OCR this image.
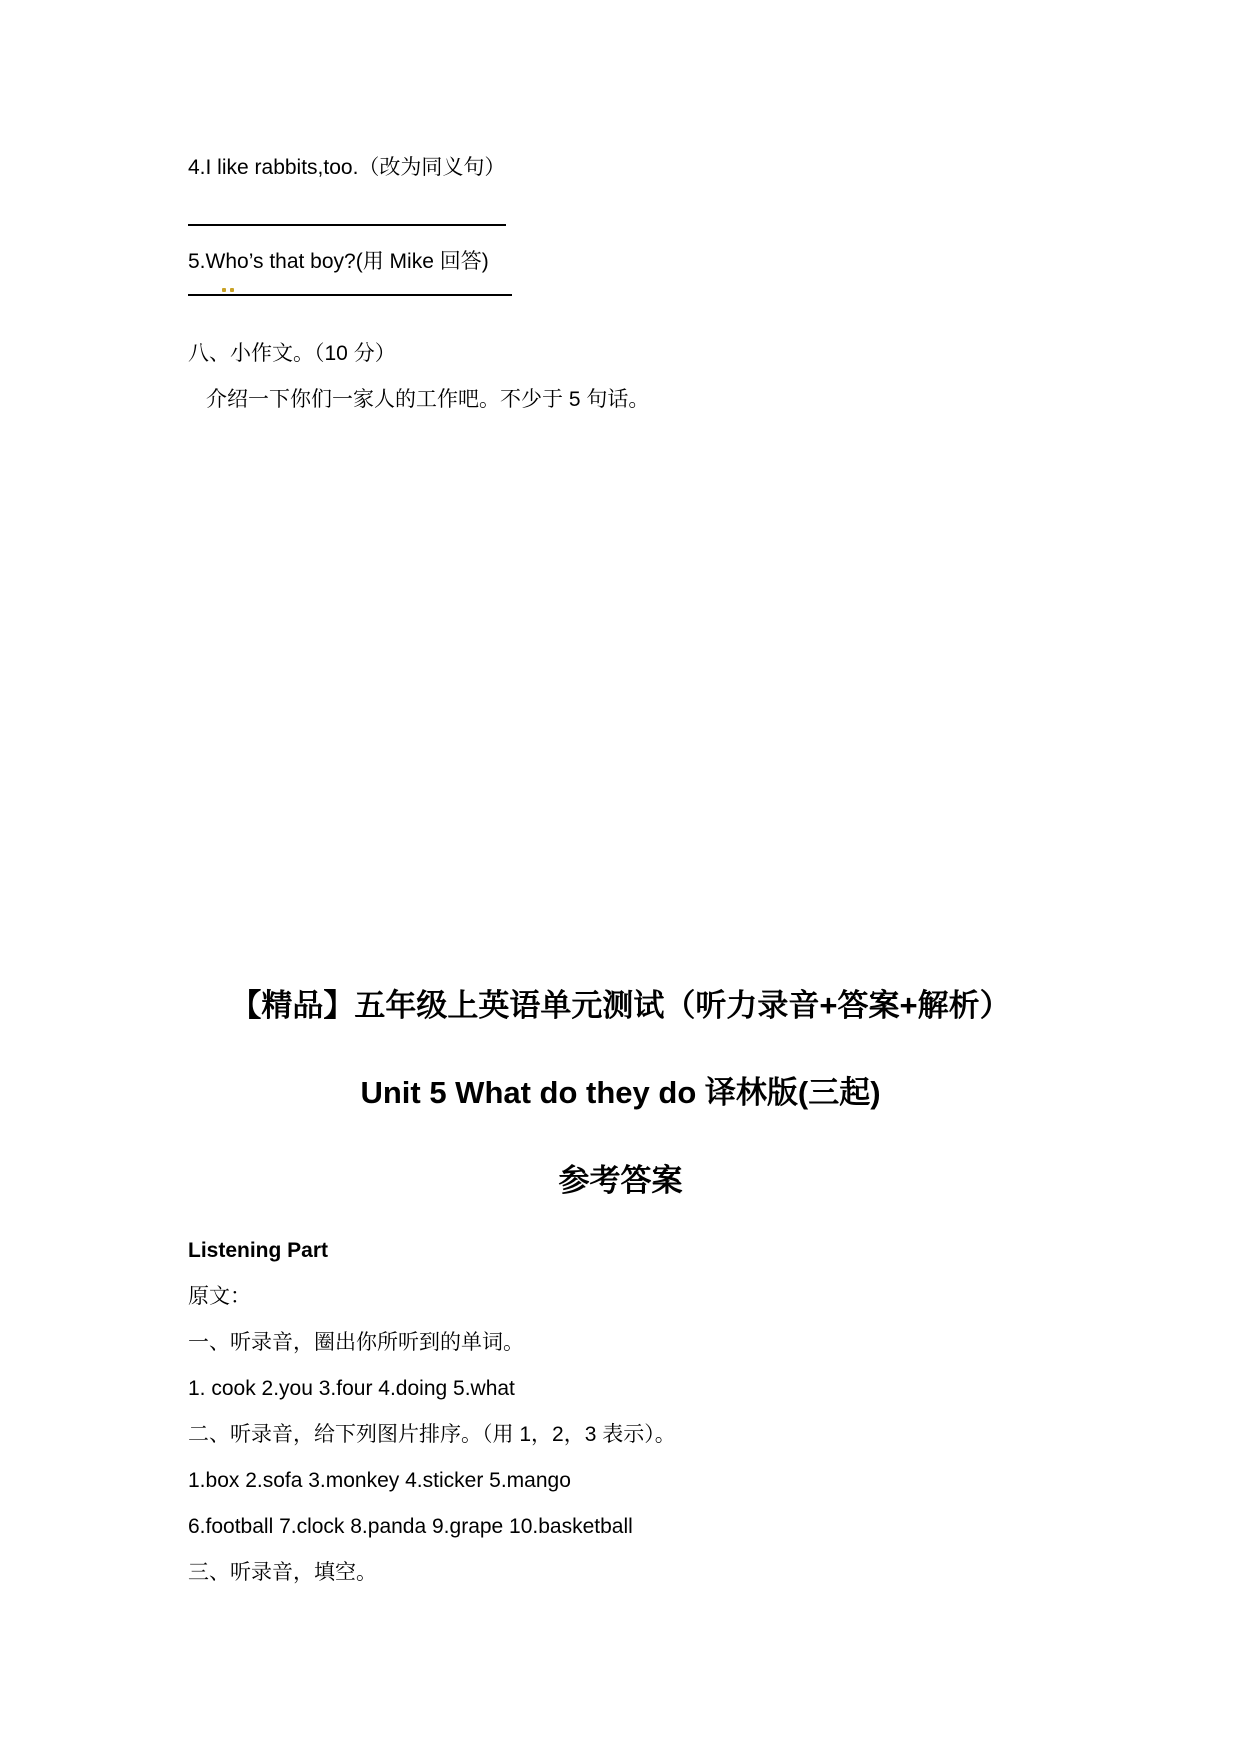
4.I like rabbits,too.（改为同义句）
5.Who’s that boy?(用 Mike 回答)
八、小作文。（10 分）
介绍一下你们一家人的工作吧。不少于 5 句话。
【精品】五年级上英语单元测试（听力录音+答案+解析）
Unit 5 What do they do 译林版(三起)
参考答案
Listening Part
原文：
一、听录音，圈出你所听到的单词。
1. cook 2.you 3.four 4.doing 5.what
二、听录音，给下列图片排序。（用 1，2，3 表示）。
1.box 2.sofa 3.monkey 4.sticker 5.mango
6.football 7.clock 8.panda 9.grape 10.basketball
三、听录音，填空。
